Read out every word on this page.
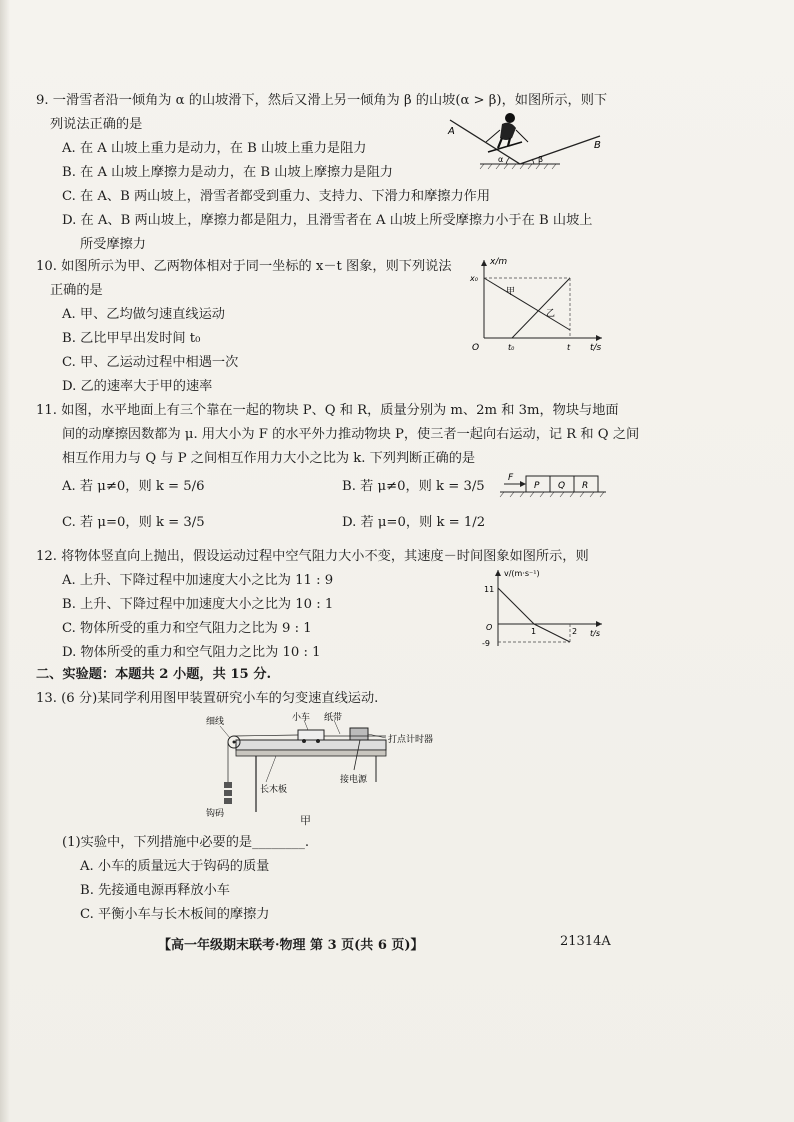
9. 一滑雪者沿一倾角为 α 的山坡滑下，然后又滑上另一倾角为 β 的山坡(α > β)，如图所示，则下
列说法正确的是
A. 在 A 山坡上重力是动力，在 B 山坡上重力是阻力
B. 在 A 山坡上摩擦力是动力，在 B 山坡上摩擦力是阻力
C. 在 A、B 两山坡上，滑雪者都受到重力、支持力、下滑力和摩擦力作用
D. 在 A、B 两山坡上，摩擦力都是阻力，且滑雪者在 A 山坡上所受摩擦力小于在 B 山坡上
所受摩擦力
A
B
α	β
10. 如图所示为甲、乙两物体相对于同一坐标的 x－t 图象，则下列说法
正确的是
A. 甲、乙均做匀速直线运动
B. 乙比甲早出发时间 t₀
C. 甲、乙运动过程中相遇一次
D. 乙的速率大于甲的速率
x/m
t/s
O
x₀
t₀	t
甲
乙
11. 如图，水平地面上有三个靠在一起的物块 P、Q 和 R，质量分别为 m、2m 和 3m，物块与地面
间的动摩擦因数都为 μ. 用大小为 F 的水平外力推动物块 P，使三者一起向右运动，记 R 和 Q 之间
相互作用力与 Q 与 P 之间相互作用力大小之比为 k. 下列判断正确的是
A. 若 μ≠0，则 k = 5/6	B. 若 μ≠0，则 k = 3/5
C. 若 μ=0，则 k = 3/5	D. 若 μ=0，则 k = 1/2
F
P Q R
12. 将物体竖直向上抛出，假设运动过程中空气阻力大小不变，其速度－时间图象如图所示，则
A. 上升、下降过程中加速度大小之比为 11 : 9
B. 上升、下降过程中加速度大小之比为 10 : 1
C. 物体所受的重力和空气阻力之比为 9 : 1
D. 物体所受的重力和空气阻力之比为 10 : 1
v/(m·s⁻¹)
t/s
O
11
-9
1	2
二、实验题：本题共 2 小题，共 15 分.
13. (6 分)某同学利用图甲装置研究小车的匀变速直线运动.
细线	小车 纸带
打点计时器
钩码
长木板
接电源
甲
(1)实验中，下列措施中必要的是________.
A. 小车的质量远大于钩码的质量
B. 先接通电源再释放小车
C. 平衡小车与长木板间的摩擦力
【高一年级期末联考·物理 第 3 页(共 6 页)】	21314A
